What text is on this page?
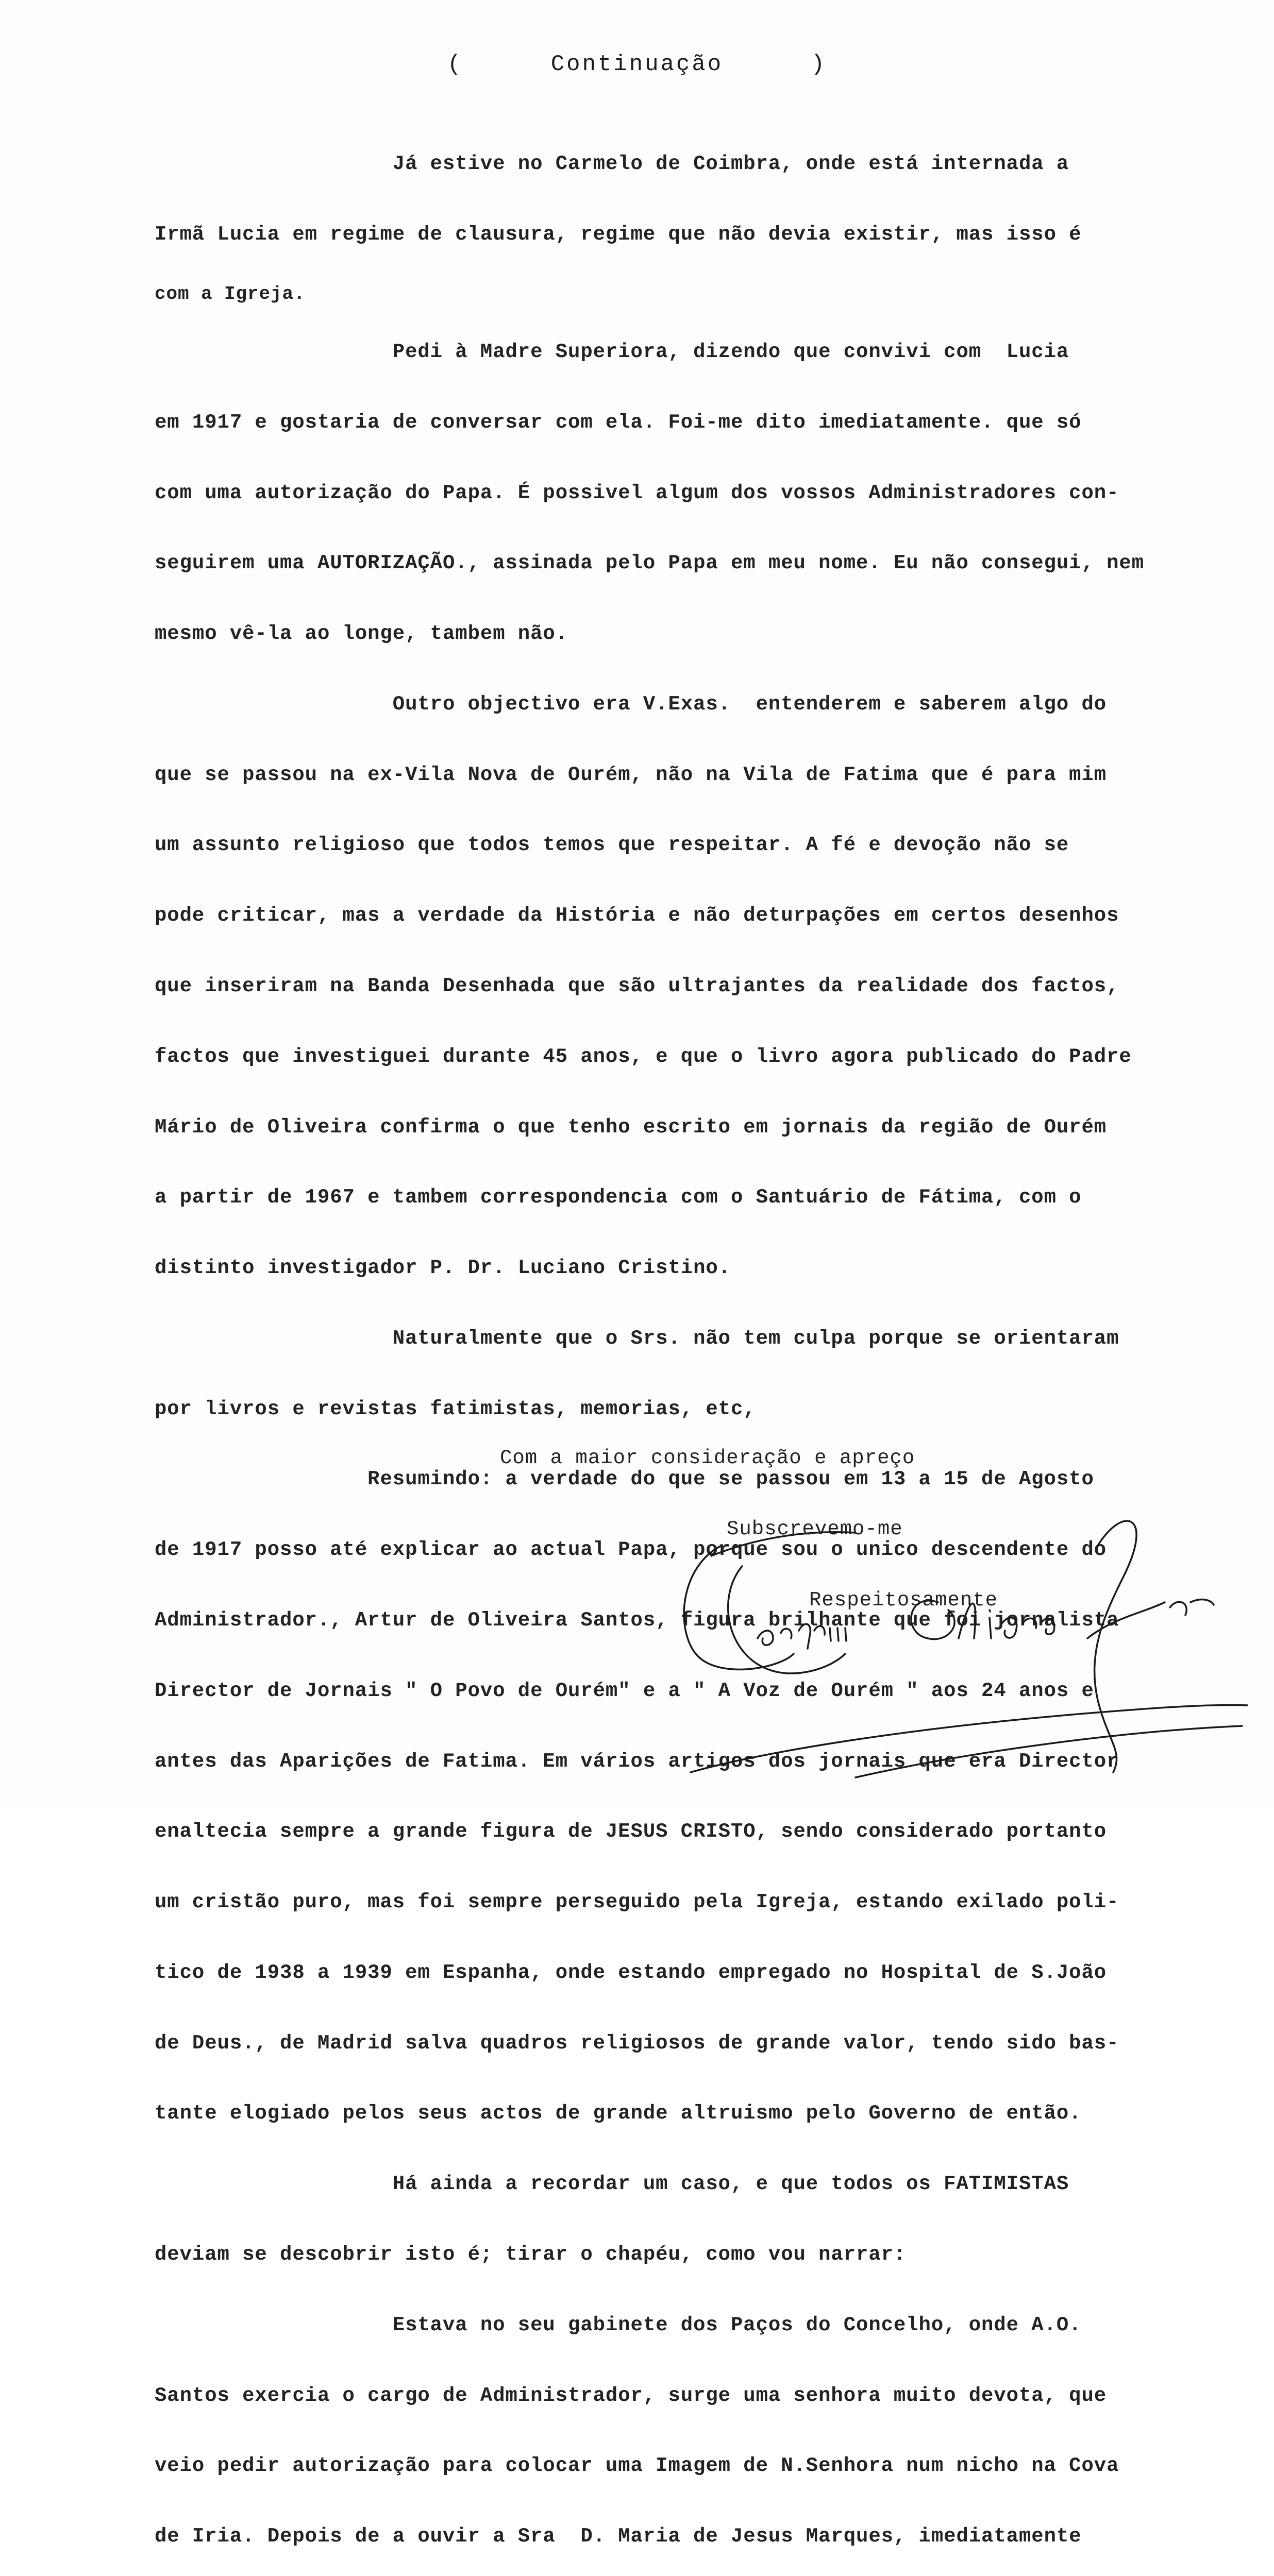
(	Continuação	)

Já estive no Carmelo de Coimbra, onde está internada a

Irmã Lucia em regime de clausura, regime que não devia existir, mas isso é

com a Igreja.

Pedi à Madre Superiora, dizendo que convivi com  Lucia

em 1917 e gostaria de conversar com ela. Foi-me dito imediatamente. que só

com uma autorização do Papa. É possivel algum dos vossos Administradores con-

seguirem uma AUTORIZAÇÃO., assinada pelo Papa em meu nome. Eu não consegui, nem

mesmo vê-la ao longe, tambem não.

Outro objectivo era V.Exas.  entenderem e saberem algo do

que se passou na ex-Vila Nova de Ourém, não na Vila de Fatima que é para mim

um assunto religioso que todos temos que respeitar. A fé e devoção não se

pode criticar, mas a verdade da História e não deturpações em certos desenhos

que inseriram na Banda Desenhada que são ultrajantes da realidade dos factos,

factos que investiguei durante 45 anos, e que o livro agora publicado do Padre

Mário de Oliveira confirma o que tenho escrito em jornais da região de Ourém

a partir de 1967 e tambem correspondencia com o Santuário de Fátima, com o

distinto investigador P. Dr. Luciano Cristino.

Naturalmente que o Srs. não tem culpa porque se orientaram

por livros e revistas fatimistas, memorias, etc,

Resumindo: a verdade do que se passou em 13 a 15 de Agosto

de 1917 posso até explicar ao actual Papa, porque sou o unico descendente do

Administrador., Artur de Oliveira Santos, figura brilhante que foi jornalista

Director de Jornais " O Povo de Ourém" e a " A Voz de Ourém " aos 24 anos e

antes das Aparições de Fatima. Em vários artigos dos jornais que era Director

enaltecia sempre a grande figura de JESUS CRISTO, sendo considerado portanto

um cristão puro, mas foi sempre perseguido pela Igreja, estando exilado poli-

tico de 1938 a 1939 em Espanha, onde estando empregado no Hospital de S.João

de Deus., de Madrid salva quadros religiosos de grande valor, tendo sido bas-

tante elogiado pelos seus actos de grande altruismo pelo Governo de então.

Há ainda a recordar um caso, e que todos os FATIMISTAS

deviam se descobrir isto é; tirar o chapéu, como vou narrar:

Estava no seu gabinete dos Paços do Concelho, onde A.O.

Santos exercia o cargo de Administrador, surge uma senhora muito devota, que

veio pedir autorização para colocar uma Imagem de N.Senhora num nicho na Cova

de Iria. Depois de a ouvir a Sra  D. Maria de Jesus Marques, imediatamente

Com a maior consideração e apreço

Subscrevemo-me

Respeitosamente
